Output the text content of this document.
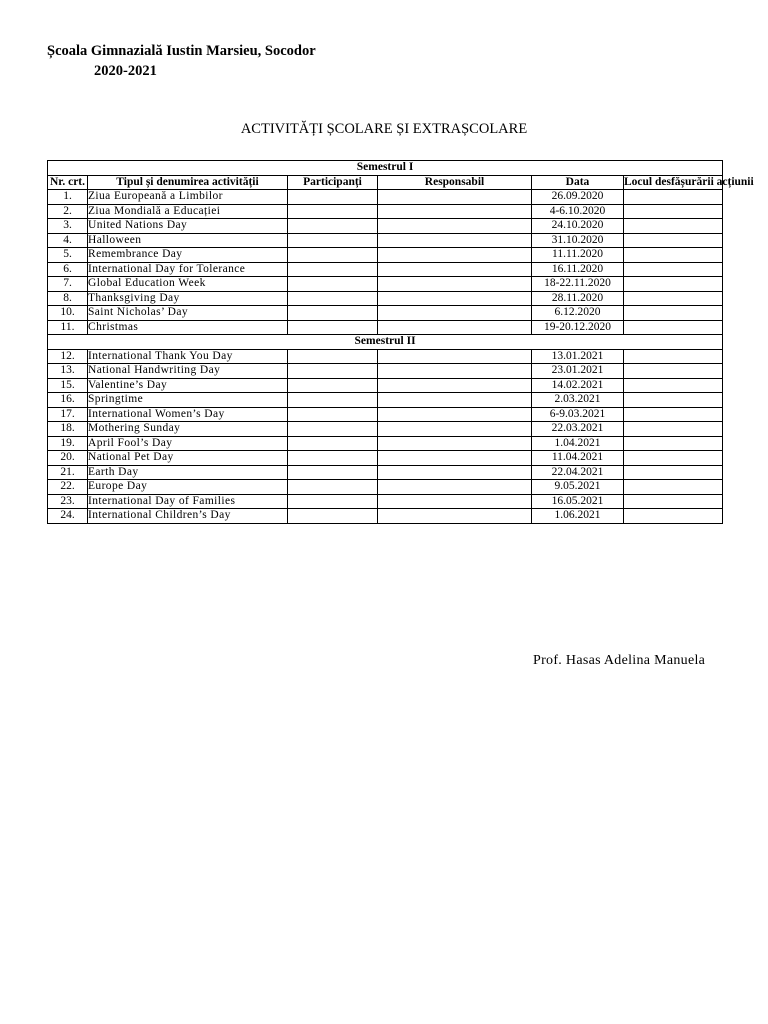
Școala Gimnazială Iustin Marsieu, Socodor
2020-2021
ACTIVITĂȚI ȘCOLARE ȘI EXTRAȘCOLARE
Semestrul I					
Nr. crt.	Tipul și denumirea activității	Participanți	Responsabil	Data	Locul desfășurării acțiunii
1.	Ziua Europeană a Limbilor			26.09.2020	
2.	Ziua Mondială a Educației			4-6.10.2020	
3.	United Nations Day			24.10.2020	
4.	Halloween			31.10.2020	
5.	Remembrance Day			11.11.2020	
6.	International Day for Tolerance			16.11.2020	
7.	Global Education Week			18-22.11.2020	
8.	Thanksgiving Day			28.11.2020	
10.	Saint Nicholas’ Day			6.12.2020	
11.	Christmas			19-20.12.2020	
Semestrul II					
12.	International Thank You Day			13.01.2021	
13.	National Handwriting Day			23.01.2021	
15.	Valentine’s Day			14.02.2021	
16.	Springtime			2.03.2021	
17.	International Women’s Day			6-9.03.2021	
18.	Mothering Sunday			22.03.2021	
19.	April Fool’s Day			1.04.2021	
20.	National Pet Day			11.04.2021	
21.	Earth Day			22.04.2021	
22.	Europe Day			9.05.2021	
23.	International Day of Families			16.05.2021	
24.	International Children’s Day			1.06.2021	
Prof. Hasas Adelina Manuela
